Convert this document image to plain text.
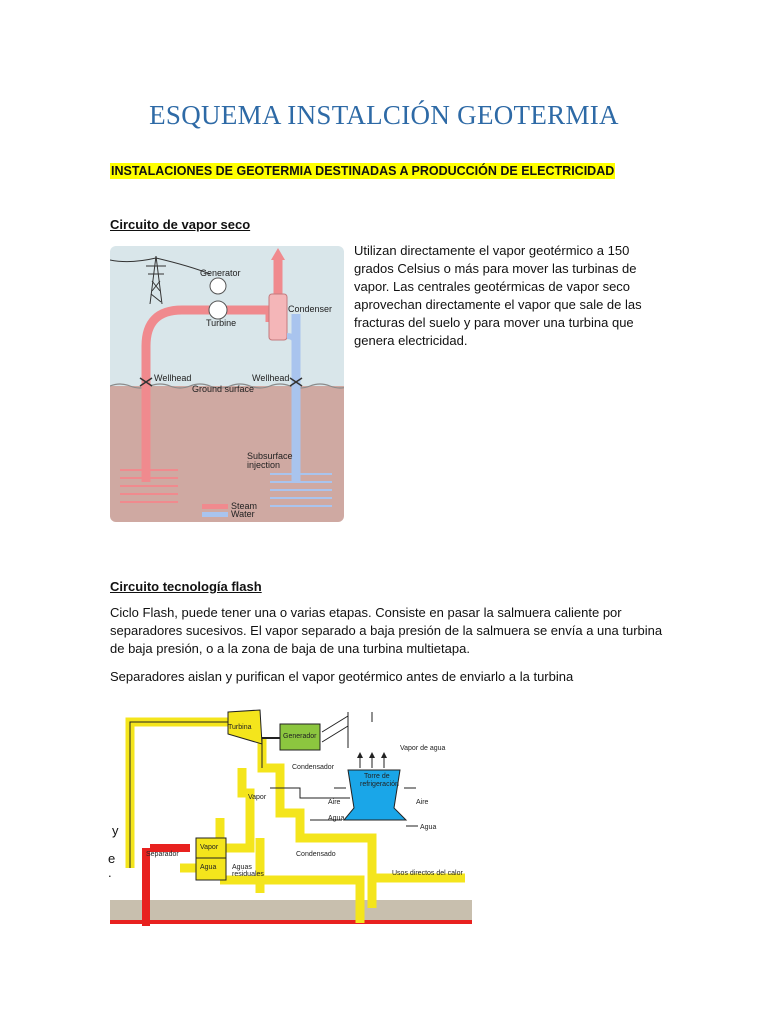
ESQUEMA INSTALCIÓN GEOTERMIA
INSTALACIONES DE GEOTERMIA DESTINADAS A PRODUCCIÓN DE ELECTRICIDAD
Circuito de vapor seco
Generator
Turbine
Condenser
Wellhead	Wellhead
Ground surface
Subsurface
injection
Steam
Water
Utilizan directamente el vapor geotérmico a 150
grados Celsius o más para mover las turbinas de
vapor. Las centrales geotérmicas de vapor seco
aprovechan directamente el vapor que sale de las
fracturas del suelo y para mover una turbina que
genera electricidad.
Circuito tecnología flash
Ciclo Flash, puede tener una o varias etapas. Consiste en pasar la salmuera caliente por
separadores sucesivos. El vapor separado a baja presión de la salmuera se envía a una turbina
de baja presión, o a la zona de baja de una turbina multietapa.
Separadores aislan y purifican el vapor geotérmico antes de enviarlo a la turbina
Turbina
Generador
Condensador
Vapor
Torre de
refrigeración
Vapor de agua
Aire	Aire
Agua
Agua
Separador
Vapor
Agua Aguas
residuales
Condensado
Usos directos del calor
y
e
.
